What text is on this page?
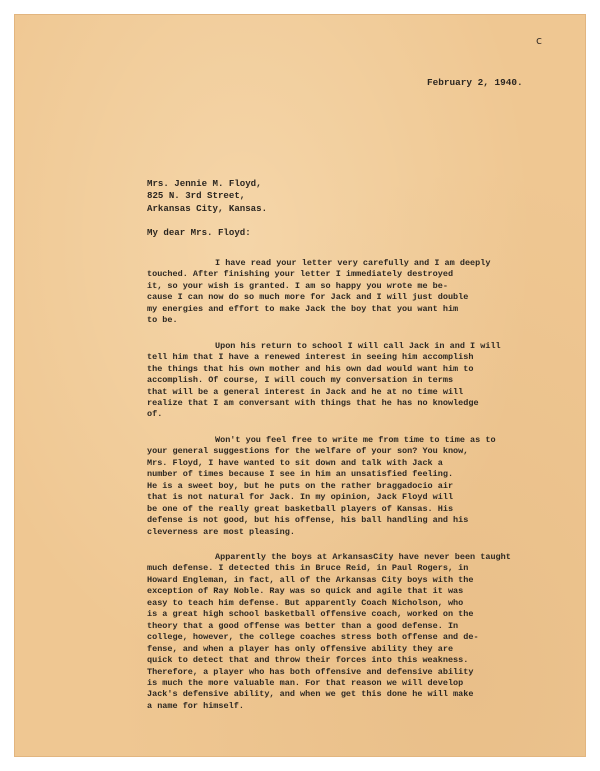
c
February 2, 1940.
Mrs. Jennie M. Floyd,
825 N. 3rd Street,
Arkansas City, Kansas.
My dear Mrs. Floyd:
I have read your letter very carefully and I am deeply
touched. After finishing your letter I immediately destroyed
it, so your wish is granted. I am so happy you wrote me be-
cause I can now do so much more for Jack and I will just double
my energies and effort to make Jack the boy that you want him
to be.
Upon his return to school I will call Jack in and I will
tell him that I have a renewed interest in seeing him accomplish
the things that his own mother and his own dad would want him to
accomplish. Of course, I will couch my conversation in terms
that will be a general interest in Jack and he at no time will
realize that I am conversant with things that he has no knowledge
of.
Won't you feel free to write me from time to time as to
your general suggestions for the welfare of your son? You know,
Mrs. Floyd, I have wanted to sit down and talk with Jack a
number of times because I see in him an unsatisfied feeling.
He is a sweet boy, but he puts on the rather braggadocio air
that is not natural for Jack. In my opinion, Jack Floyd will
be one of the really great basketball players of Kansas. His
defense is not good, but his offense, his ball handling and his
cleverness are most pleasing.
Apparently the boys at ArkansasCity have never been taught
much defense. I detected this in Bruce Reid, in Paul Rogers, in
Howard Engleman, in fact, all of the Arkansas City boys with the
exception of Ray Noble. Ray was so quick and agile that it was
easy to teach him defense. But apparently Coach Nicholson, who
is a great high school basketball offensive coach, worked on the
theory that a good offense was better than a good defense. In
college, however, the college coaches stress both offense and de-
fense, and when a player has only offensive ability they are
quick to detect that and throw their forces into this weakness.
Therefore, a player who has both offensive and defensive ability
is much the more valuable man. For that reason we will develop
Jack's defensive ability, and when we get this done he will make
a name for himself.
